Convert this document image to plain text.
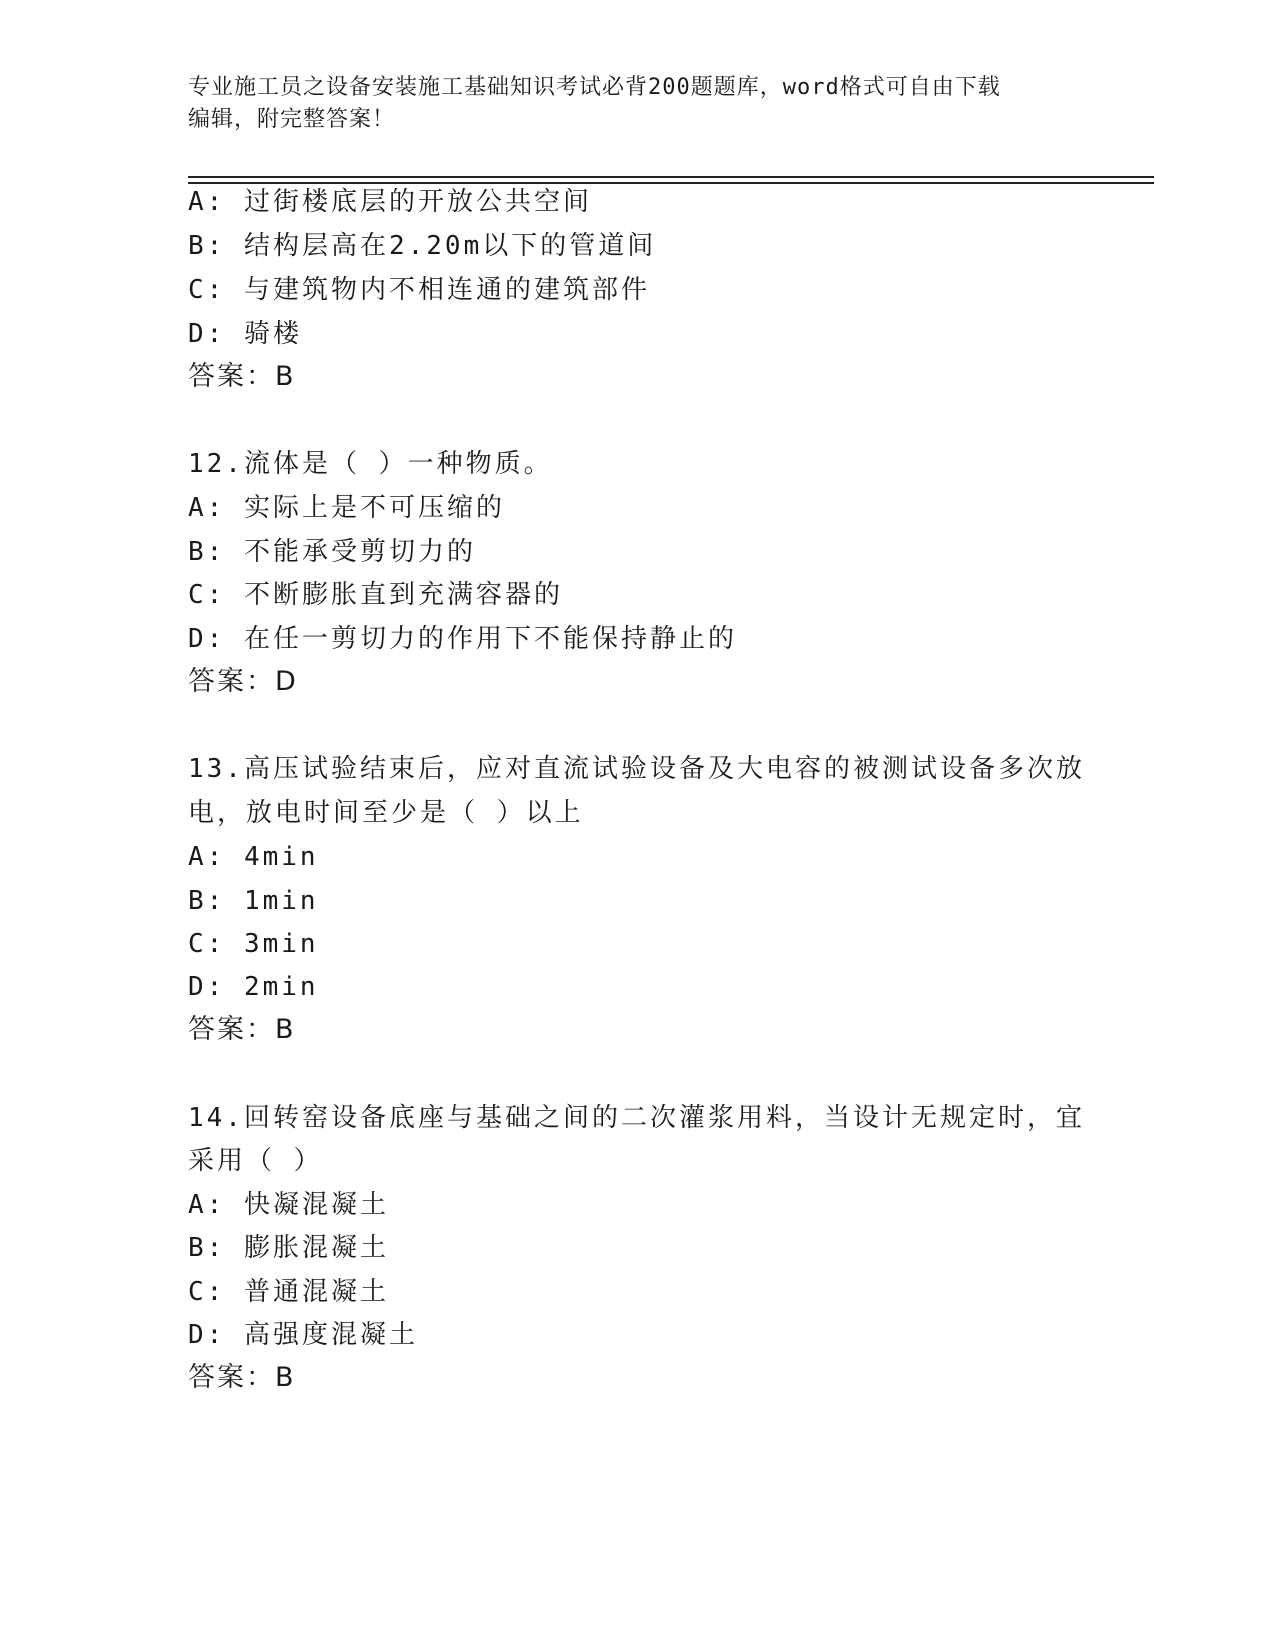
专业施工员之设备安装施工基础知识考试必背200题题库，word格式可自由下载
编辑，附完整答案！
A: 过街楼底层的开放公共空间
B: 结构层高在2.20m以下的管道间
C: 与建筑物内不相连通的建筑部件
D: 骑楼
答案：B
12.流体是（ ）一种物质。
A: 实际上是不可压缩的
B: 不能承受剪切力的
C: 不断膨胀直到充满容器的
D: 在任一剪切力的作用下不能保持静止的
答案：D
13.高压试验结束后，应对直流试验设备及大电容的被测试设备多次放
电，放电时间至少是（ ）以上
A: 4min
B: 1min
C: 3min
D: 2min
答案：B
14.回转窑设备底座与基础之间的二次灌浆用料，当设计无规定时，宜
采用（ ）
A: 快凝混凝土
B: 膨胀混凝土
C: 普通混凝土
D: 高强度混凝土
答案：B
